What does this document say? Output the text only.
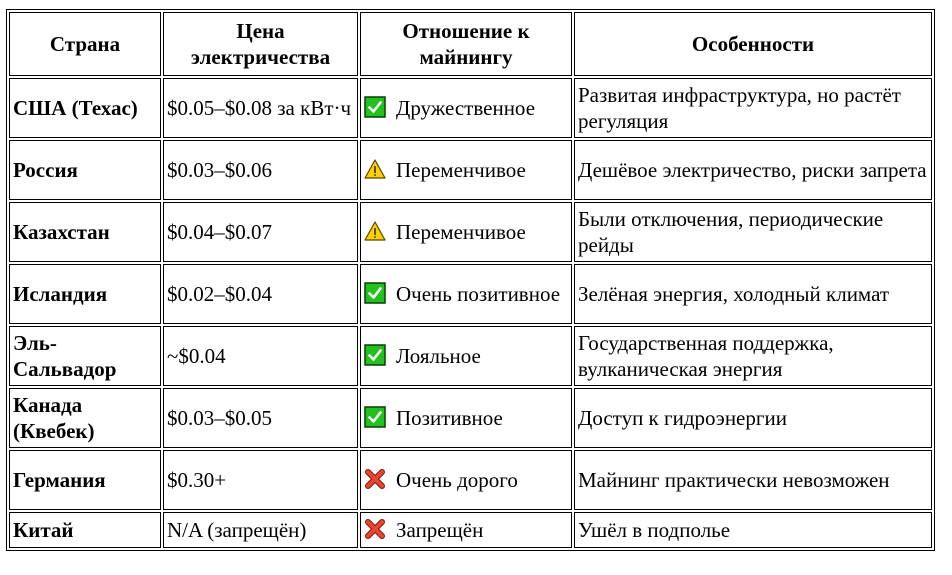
Страна	Цена электричества	Отношение к майнингу	Особенности
США (Техас)	$0.05–$0.08 за кВт·ч	Дружественное	Развитая инфраструктура, но растёт регуляция
Россия	$0.03–$0.06	Переменчивое	Дешёвое электричество, риски запрета
Казахстан	$0.04–$0.07	Переменчивое	Были отключения, периодические рейды
Исландия	$0.02–$0.04	Очень позитивное	Зелёная энергия, холодный климат
Эль-Сальвадор	~$0.04	Лояльное	Государственная поддержка, вулканическая энергия
Канада (Квебек)	$0.03–$0.05	Позитивное	Доступ к гидроэнергии
Германия	$0.30+	Очень дорого	Майнинг практически невозможен
Китай	N/A (запрещён)	Запрещён	Ушёл в подполье
